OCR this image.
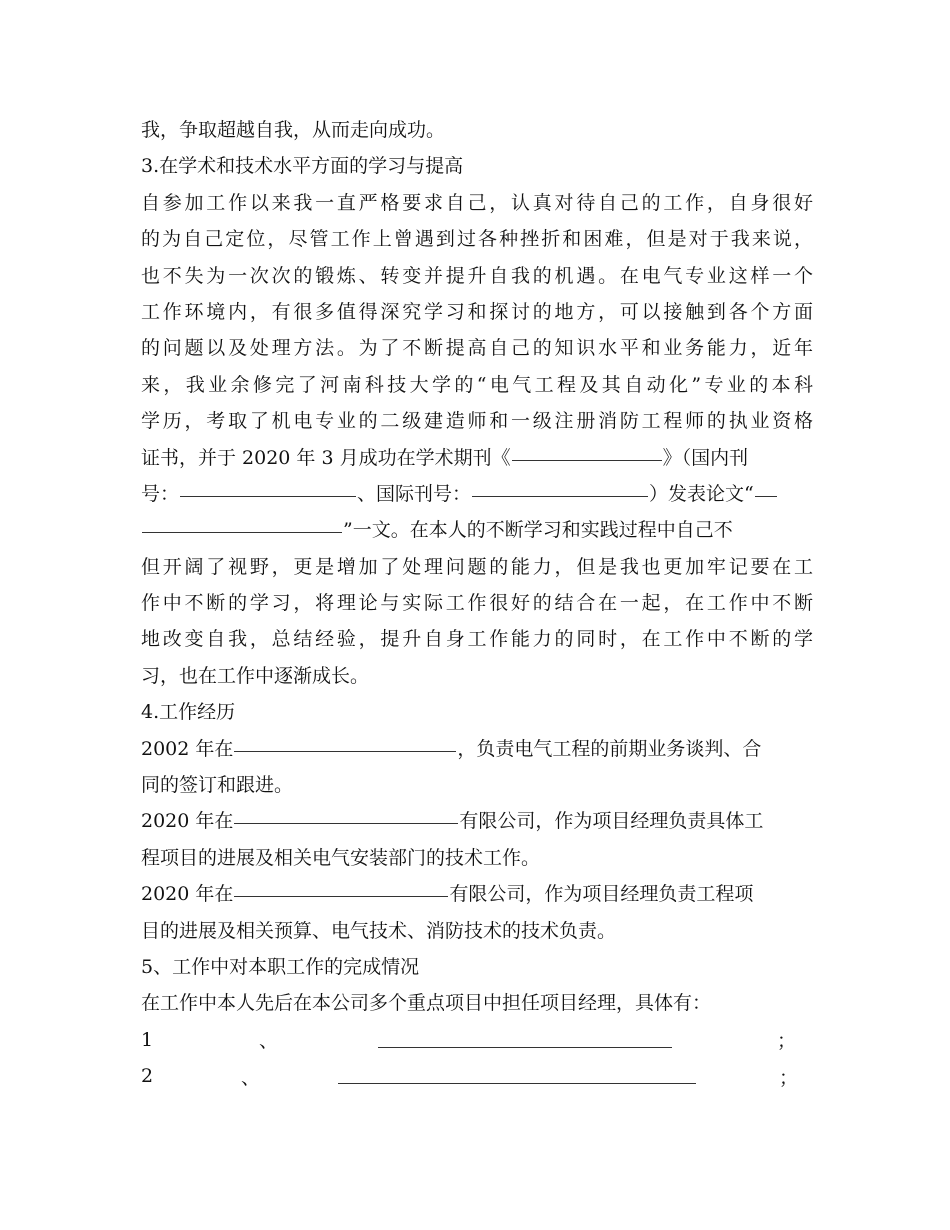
我，争取超越自我，从而走向成功。
3.在学术和技术水平方面的学习与提高
自参加工作以来我一直严格要求自己，认真对待自己的工作，自身很好
的为自己定位，尽管工作上曾遇到过各种挫折和困难，但是对于我来说，
也不失为一次次的锻炼、转变并提升自我的机遇。在电气专业这样一个
工作环境内，有很多值得深究学习和探讨的地方，可以接触到各个方面
的问题以及处理方法。为了不断提高自己的知识水平和业务能力，近年
来，我业余修完了河南科技大学的“电气工程及其自动化”专业的本科
学历，考取了机电专业的二级建造师和一级注册消防工程师的执业资格
证书，并于 2020 年 3 月成功在学术期刊《	》（国内刊
号：	、国际刊号：	）发表论文“
”一文。在本人的不断学习和实践过程中自己不
但开阔了视野，更是增加了处理问题的能力，但是我也更加牢记要在工
作中不断的学习，将理论与实际工作很好的结合在一起，在工作中不断
地改变自我，总结经验，提升自身工作能力的同时，在工作中不断的学
习，也在工作中逐渐成长。
4.工作经历
2002 年在	，负责电气工程的前期业务谈判、合
同的签订和跟进。
2020 年在	有限公司，作为项目经理负责具体工
程项目的进展及相关电气安装部门的技术工作。
2020 年在	有限公司，作为项目经理负责工程项
目的进展及相关预算、电气技术、消防技术的技术负责。
5、工作中对本职工作的完成情况
在工作中本人先后在本公司多个重点项目中担任项目经理，具体有：
1	、	；
2	、	；
